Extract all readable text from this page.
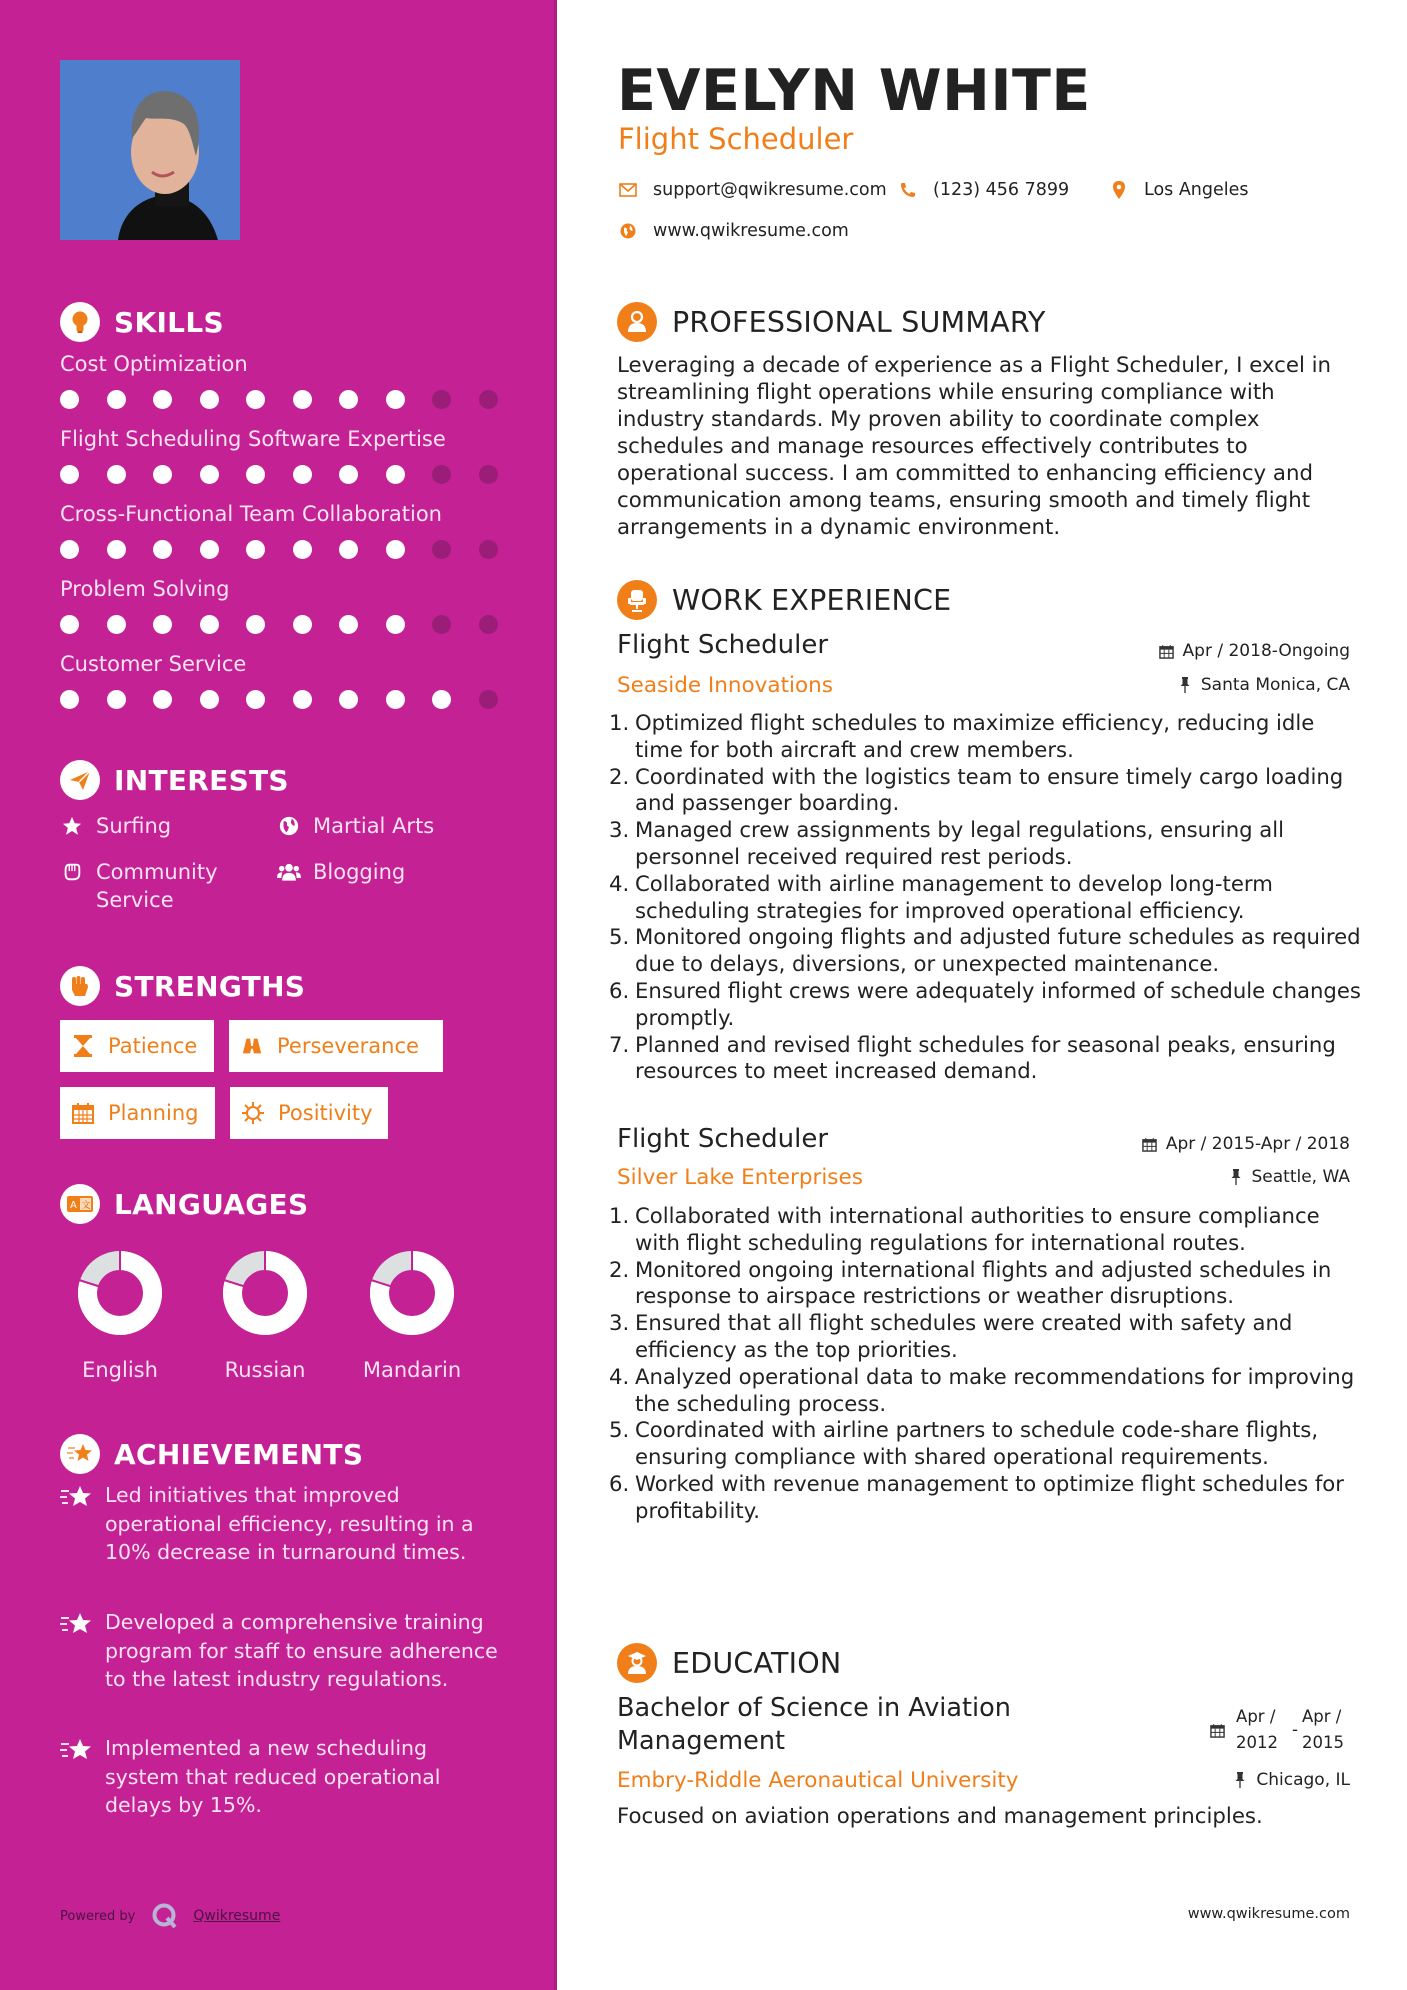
SKILLS
Cost Optimization
Flight Scheduling Software Expertise
Cross-Functional Team Collaboration
Problem Solving
Customer Service
INTERESTS
Surfing	Martial Arts
Community Service
Blogging
STRENGTHS
Patience	Perseverance
Planning	Positivity
A 文 LANGUAGES
English	Russian	Mandarin
ACHIEVEMENTS
Led initiatives that improved operational efficiency, resulting in a 10% decrease in turnaround times.
Developed a comprehensive training program for staff to ensure adherence to the latest industry regulations.
Implemented a new scheduling system that reduced operational delays by 15%.
Powered by	Qwikresume
EVELYN WHITE
Flight Scheduler
support@qwikresume.com	(123) 456 7899	Los Angeles
www.qwikresume.com
PROFESSIONAL SUMMARY
Leveraging a decade of experience as a Flight Scheduler, I excel in streamlining flight operations while ensuring compliance with industry standards. My proven ability to coordinate complex schedules and manage resources effectively contributes to operational success. I am committed to enhancing efficiency and communication among teams, ensuring smooth and timely flight arrangements in a dynamic environment.
WORK EXPERIENCE
Flight Scheduler
Seaside Innovations
Apr / 2018-Ongoing
Santa Monica, CA
1. Optimized flight schedules to maximize efficiency, reducing idle time for both aircraft and crew members.
2. Coordinated with the logistics team to ensure timely cargo loading and passenger boarding.
3. Managed crew assignments by legal regulations, ensuring all personnel received required rest periods.
4. Collaborated with airline management to develop long-term scheduling strategies for improved operational efficiency.
5. Monitored ongoing flights and adjusted future schedules as required due to delays, diversions, or unexpected maintenance.
6. Ensured flight crews were adequately informed of schedule changes promptly.
7. Planned and revised flight schedules for seasonal peaks, ensuring resources to meet increased demand.
Flight Scheduler
Silver Lake Enterprises
Apr / 2015-Apr / 2018
Seattle, WA
1. Collaborated with international authorities to ensure compliance with flight scheduling regulations for international routes.
2. Monitored ongoing international flights and adjusted schedules in response to airspace restrictions or weather disruptions.
3. Ensured that all flight schedules were created with safety and efficiency as the top priorities.
4. Analyzed operational data to make recommendations for improving the scheduling process.
5. Coordinated with airline partners to schedule code-share flights, ensuring compliance with shared operational requirements.
6. Worked with revenue management to optimize flight schedules for profitability.
EDUCATION
Bachelor of Science in Aviation Management
Apr / 2012
-
Apr / 2015
Embry-Riddle Aeronautical University	Chicago, IL
Focused on aviation operations and management principles.
www.qwikresume.com
